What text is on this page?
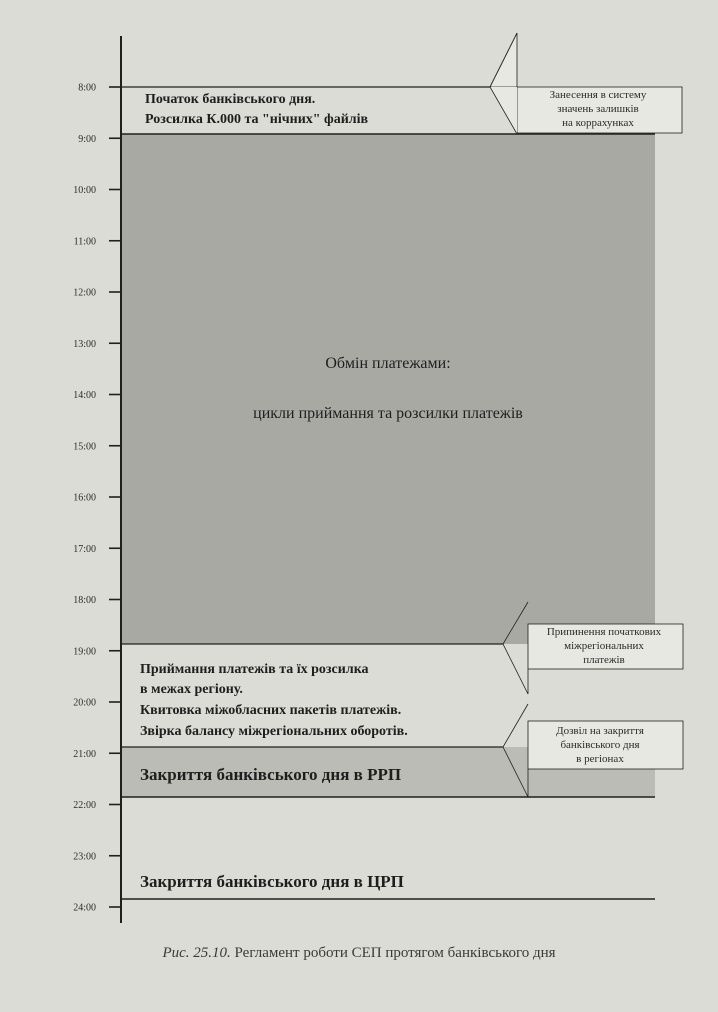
8:00
9:00
10:00
11:00
12:00
13:00
14:00
15:00
16:00
17:00
18:00
19:00
20:00
21:00
22:00
23:00
24:00
Початок банківського дня.
Розсилка К.000 та "нічних" файлів
Обмін платежами:
цикли приймання та розсилки платежів
Приймання платежів та їх розсилка
в межах регіону.
Квитовка міжобласних пакетів платежів.
Звірка балансу міжрегіональних оборотів.
Закриття банківського дня в РРП
Закриття банківського дня в ЦРП
Занесення в систему
значень залишків
на коррахунках
Припинення початкових
міжрегіональних
платежів
Дозвіл на закриття
банківського дня
в регіонах
Рис. 25.10. Регламент роботи СЕП протягом банківського дня
